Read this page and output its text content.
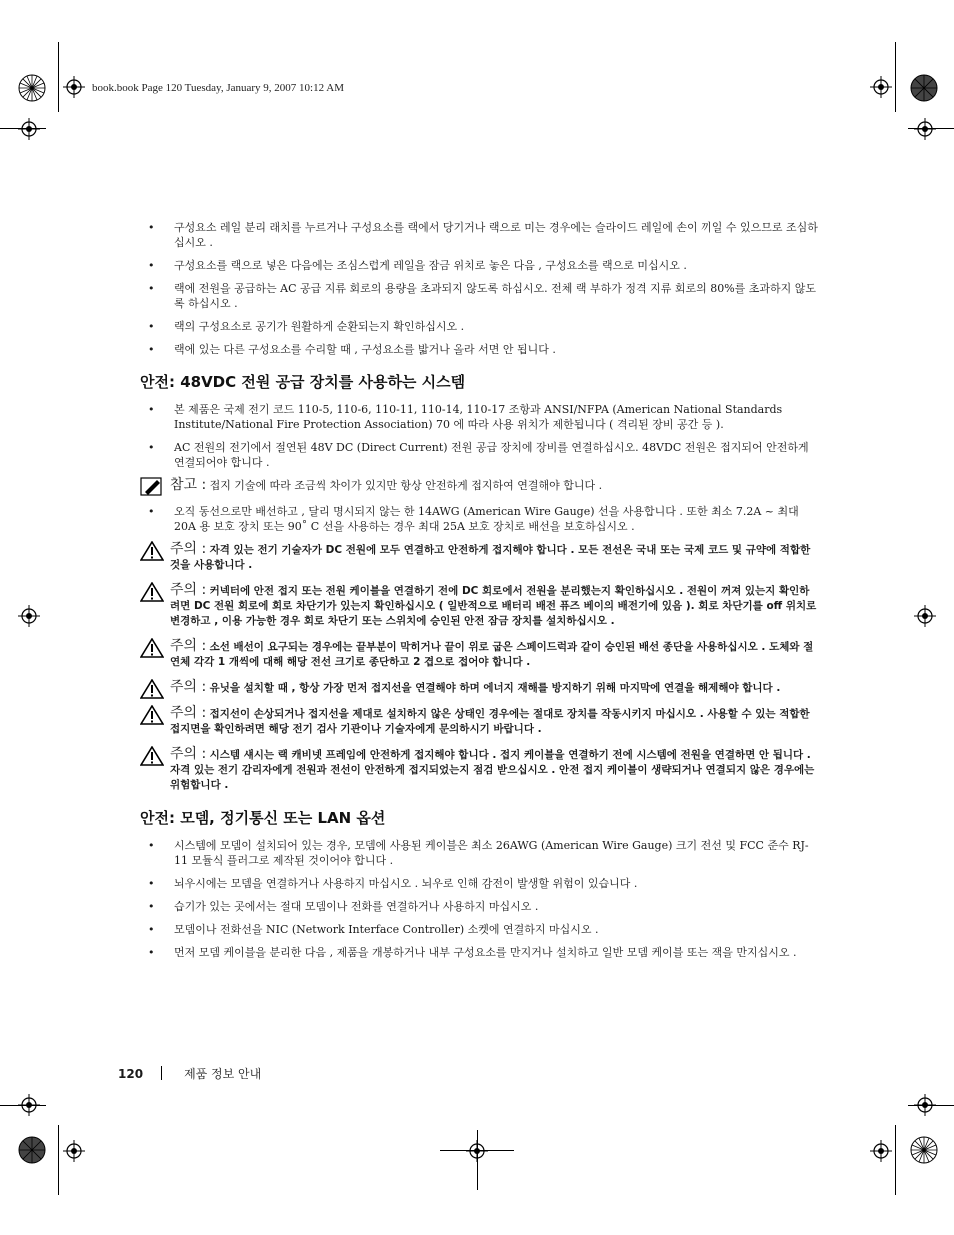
book.book Page 120 Tuesday, January 9, 2007 10:12 AM
• 구성요소 레일 분리 래치를 누르거나 구성요소를 랙에서 당기거나 랙으로 미는 경우에는 슬라이드 레일에 손이 끼일 수 있으므로 조심하십시오 .
• 구성요소를 랙으로 넣은 다음에는 조심스럽게 레일을 잠금 위치로 놓은 다음 , 구성요소를 랙으로 미십시오 .
• 랙에 전원을 공급하는 AC 공급 지류 회로의 용량을 초과되지 않도록 하십시오. 전체 랙 부하가 정격 지류 회로의 80%를 초과하지 않도록 하십시오 .
• 랙의 구성요소로 공기가 원활하게 순환되는지 확인하십시오 .
• 랙에 있는 다른 구성요소를 수리할 때 , 구성요소를 밟거나 올라 서면 안 됩니다 .
안전: 48VDC 전원 공급 장치를 사용하는 시스템
• 본 제품은 국제 전기 코드 110-5, 110-6, 110-11, 110-14, 110-17 조항과 ANSI/NFPA (American National Standards Institute/National Fire Protection Association) 70 에 따라 사용 위치가 제한됩니다 ( 격리된 장비 공간 등 ).
• AC 전원의 전기에서 절연된 48V DC (Direct Current) 전원 공급 장치에 장비를 연결하십시오. 48VDC 전원은 접지되어 안전하게 연결되어야 합니다 .
참고 : 접지 기술에 따라 조금씩 차이가 있지만 항상 안전하게 접지하여 연결해야 합니다 .
• 오직 동선으로만 배선하고 , 달리 명시되지 않는 한 14AWG (American Wire Gauge) 선을 사용합니다 . 또한 최소 7.2A ~ 최대 20A 용 보호 장치 또는 90˚ C 선을 사용하는 경우 최대 25A 보호 장치로 배선을 보호하십시오 .
주의 : 자격 있는 전기 기술자가 DC 전원에 모두 연결하고 안전하게 접지해야 합니다 . 모든 전선은 국내 또는 국제 코드 및 규약에 적합한 것을 사용합니다 .
주의 : 커넥터에 안전 접지 또는 전원 케이블을 연결하기 전에 DC 회로에서 전원을 분리했는지 확인하십시오 . 전원이 꺼져 있는지 확인하려면 DC 전원 회로에 회로 차단기가 있는지 확인하십시오 ( 일반적으로 배터리 배전 퓨즈 베이의 배전기에 있음 ). 회로 차단기를 off 위치로 변경하고 , 이용 가능한 경우 회로 차단기 또는 스위치에 승인된 안전 잠금 장치를 설치하십시오 .
주의 : 소선 배선이 요구되는 경우에는 끝부분이 막히거나 끝이 위로 굽은 스페이드럭과 같이 승인된 배선 종단을 사용하십시오 . 도체와 절연체 각각 1 개씩에 대해 해당 전선 크기로 종단하고 2 겹으로 접어야 합니다 .
주의 : 유닛을 설치할 때 , 항상 가장 먼저 접지선을 연결해야 하며 에너지 재해를 방지하기 위해 마지막에 연결을 해제해야 합니다 .
주의 : 접지선이 손상되거나 접지선을 제대로 설치하지 않은 상태인 경우에는 절대로 장치를 작동시키지 마십시오 . 사용할 수 있는 적합한 접지면을 확인하려면 해당 전기 검사 기관이나 기술자에게 문의하시기 바랍니다 .
주의 : 시스템 섀시는 랙 캐비넷 프레임에 안전하게 접지해야 합니다 . 접지 케이블을 연결하기 전에 시스템에 전원을 연결하면 안 됩니다 . 자격 있는 전기 감리자에게 전원과 전선이 안전하게 접지되었는지 점검 받으십시오 . 안전 접지 케이블이 생략되거나 연결되지 않은 경우에는 위험합니다 .
안전: 모뎀, 정기통신 또는 LAN 옵션
• 시스템에 모뎀이 설치되어 있는 경우, 모뎀에 사용된 케이블은 최소 26AWG (American Wire Gauge) 크기 전선 및 FCC 준수 RJ-11 모듈식 플러그로 제작된 것이어야 합니다 .
• 뇌우시에는 모뎀을 연결하거나 사용하지 마십시오 . 뇌우로 인해 감전이 발생할 위험이 있습니다 .
• 습기가 있는 곳에서는 절대 모뎀이나 전화를 연결하거나 사용하지 마십시오 .
• 모뎀이나 전화선을 NIC (Network Interface Controller) 소켓에 연결하지 마십시오 .
• 먼저 모뎀 케이블을 분리한 다음 , 제품을 개봉하거나 내부 구성요소를 만지거나 설치하고 일반 모뎀 케이블 또는 잭을 만지십시오 .
120	제품 정보 안내
